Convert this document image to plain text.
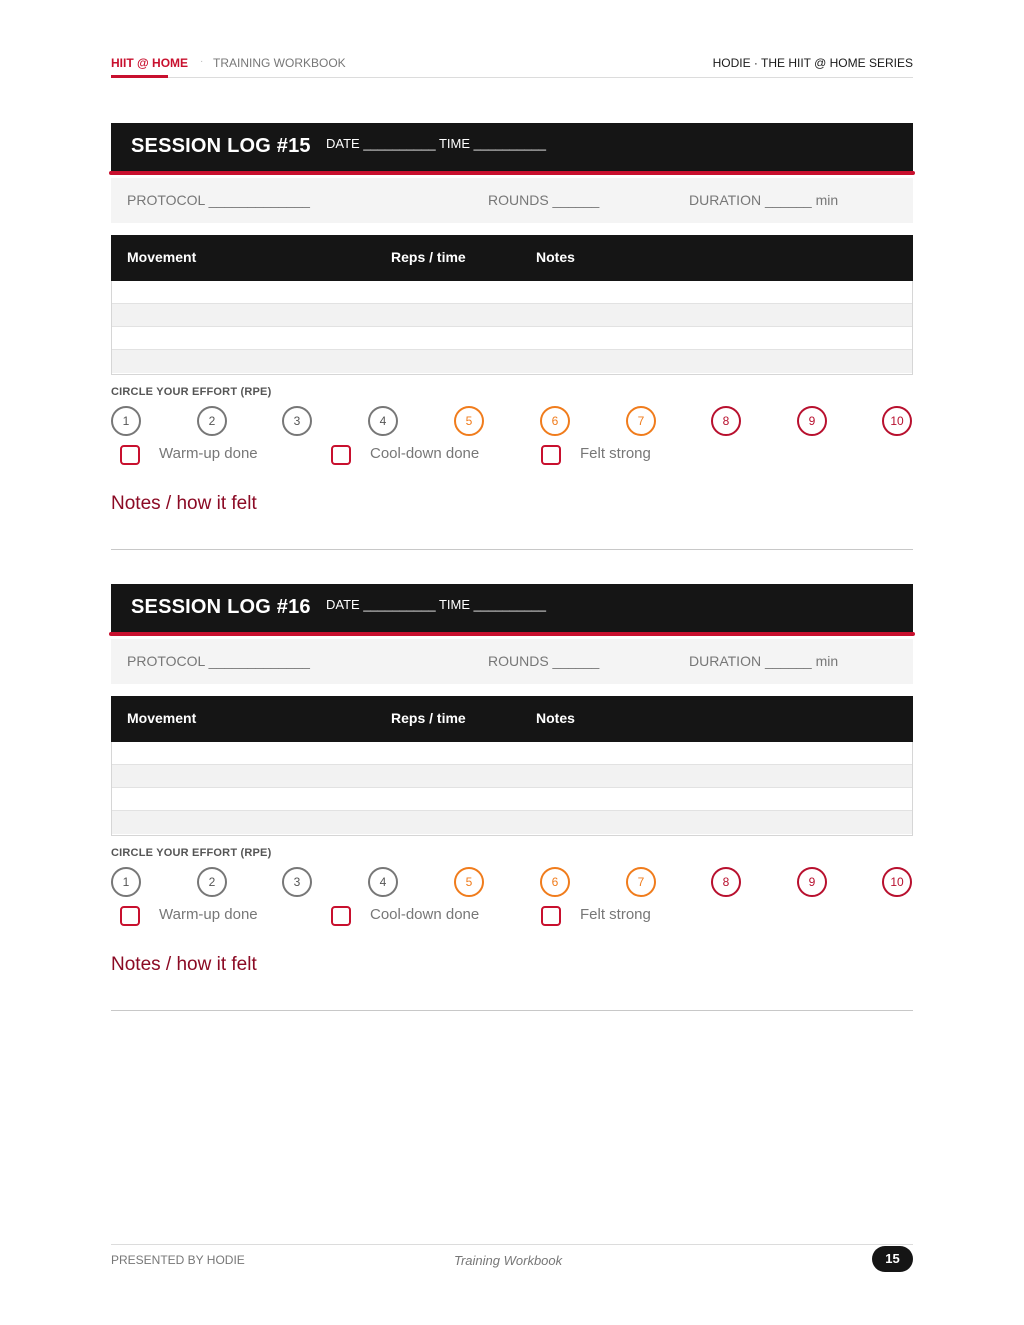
HIIT @ HOME · TRAINING WORKBOOK	HODIE · THE HIIT @ HOME SERIES
SESSION LOG #15 DATE __________ TIME __________
PROTOCOL _____________	ROUNDS ______	DURATION ______ min
Movement	Reps / time	Notes
CIRCLE YOUR EFFORT (RPE)
1	2	3	4	5	6	7	8	9	10
Warm-up done	Cool-down done	Felt strong
Notes / how it felt
SESSION LOG #16 DATE __________ TIME __________
PROTOCOL _____________	ROUNDS ______	DURATION ______ min
Movement	Reps / time	Notes
CIRCLE YOUR EFFORT (RPE)
1	2	3	4	5	6	7	8	9	10
Warm-up done	Cool-down done	Felt strong
Notes / how it felt
PRESENTED BY HODIE	Training Workbook	15
